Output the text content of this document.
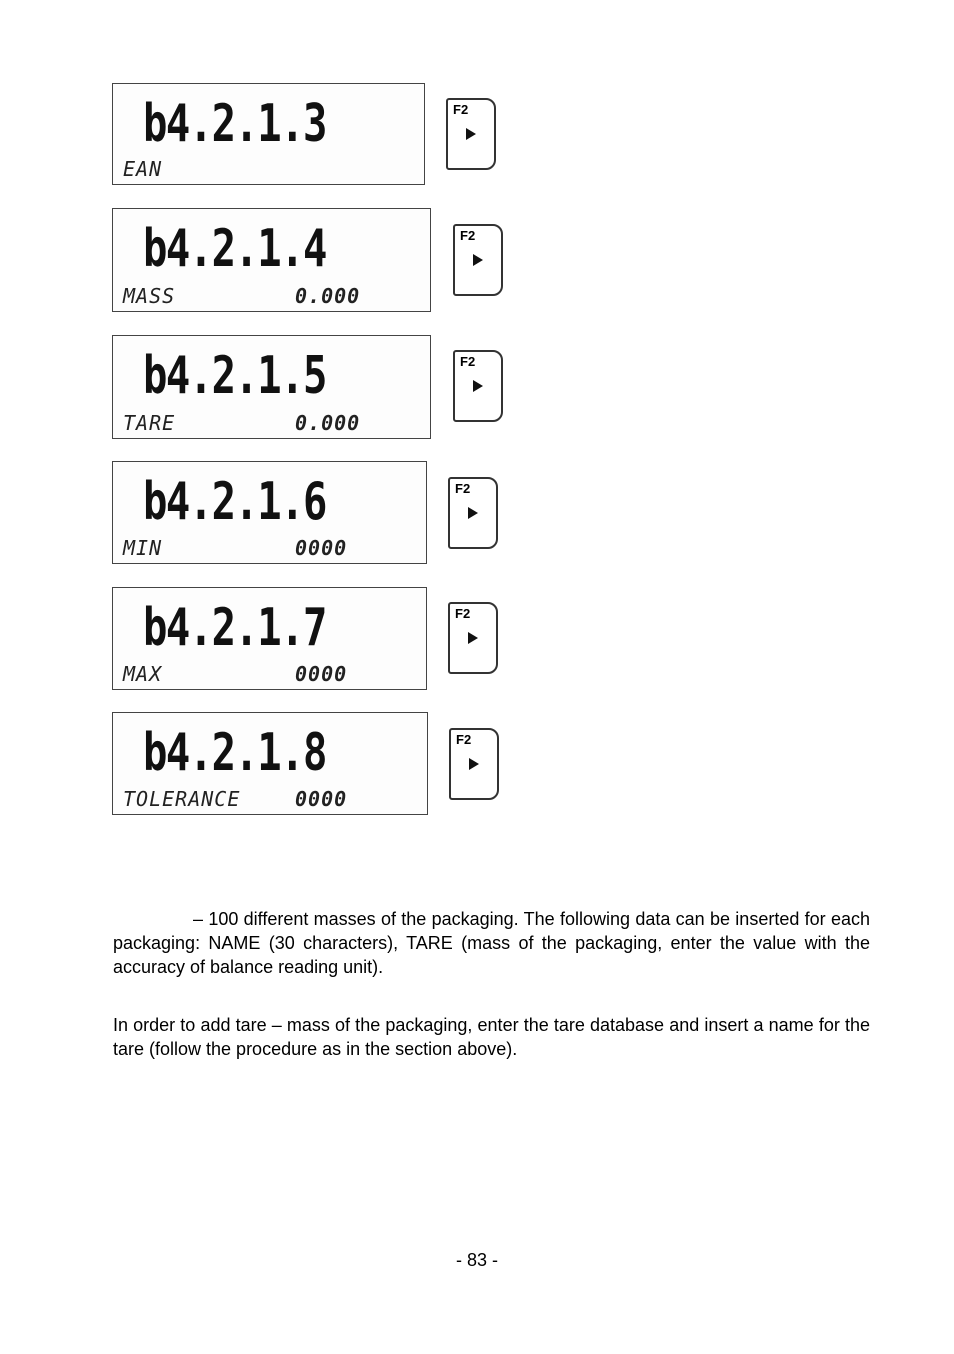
b4.2.1.3
EAN
F2
b4.2.1.4
MASS	0.000
F2
b4.2.1.5
TARE	0.000
F2
b4.2.1.6
MIN	0000
F2
b4.2.1.7
MAX	0000
F2
b4.2.1.8
TOLERANCE	0000
F2

– 100 different masses of the packaging. The following data can be inserted for each packaging: NAME (30 characters), TARE (mass of the packaging, enter the value with the accuracy of balance reading unit).

In order to add tare – mass of the packaging, enter the tare database and insert a name for the tare (follow the procedure as in the section above).

- 83 -
